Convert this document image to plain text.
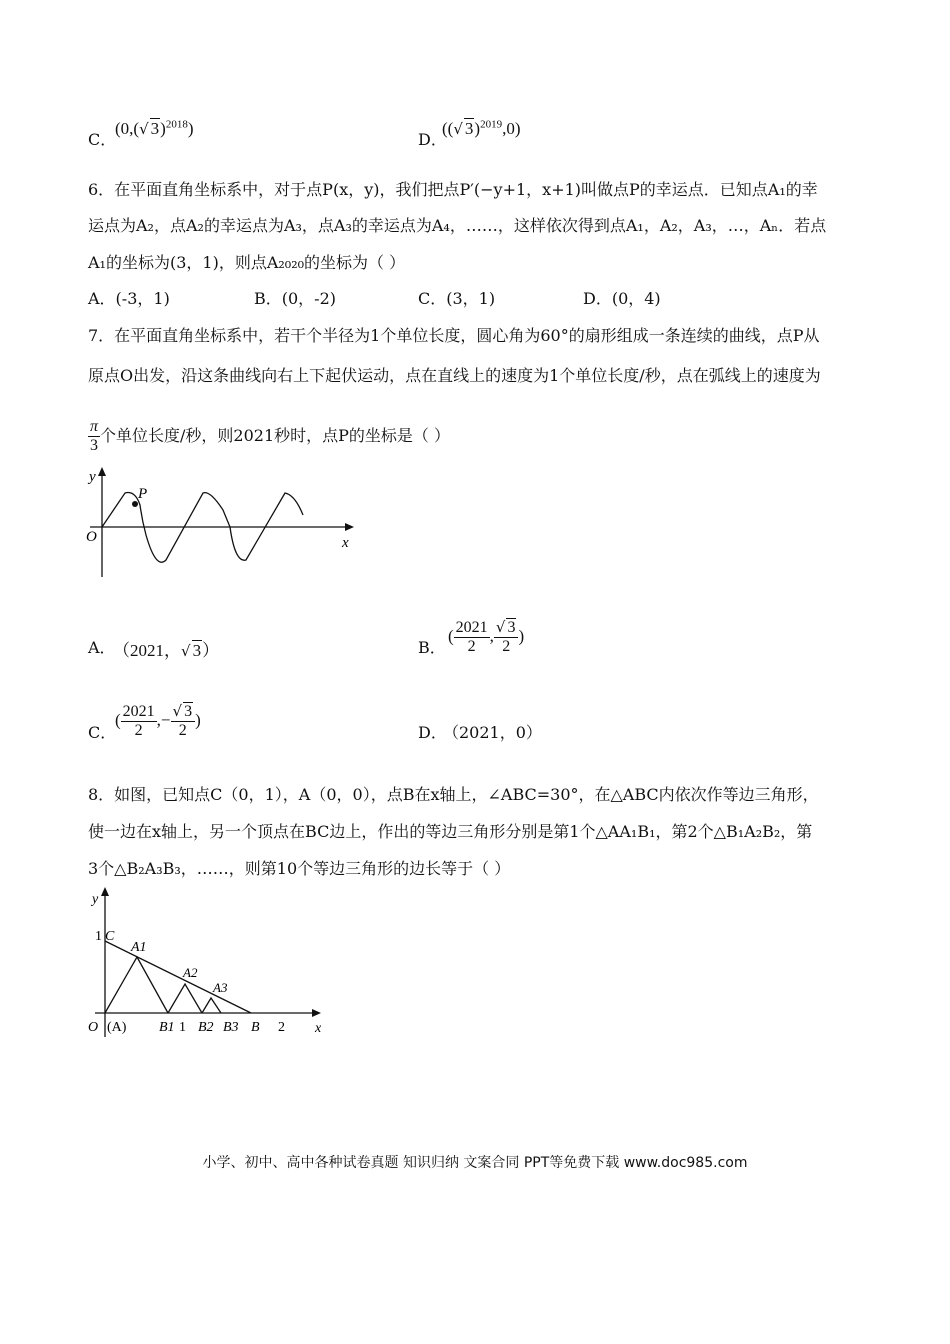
C．
(0,(√ 3)$^{2018}$)
D．
((√ 3)$^{2019}$,0)
6．在平面直角坐标系中，对于点P(x，y)，我们把点P′(−y+1，x+1)叫做点P的幸运点．已知点A₁的幸
运点为A₂，点A₂的幸运点为A₃，点A₃的幸运点为A₄，……，这样依次得到点A₁，A₂，A₃，…，Aₙ．若点
A₁的坐标为(3，1)，则点A₂₀₂₀的坐标为（ ）
A．(-3，1)	B．(0，-2)	C．(3，1)	D．(0，4)
7．在平面直角坐标系中，若干个半径为1个单位长度，圆心角为60°的扇形组成一条连续的曲线，点P从
原点O出发，沿这条曲线向右上下起伏运动，点在直线上的速度为1个单位长度/秒，点在弧线上的速度为
$\frac{\pi}{3}$ 个单位长度/秒，则2021秒时，点P的坐标是（ ）
y
x
O
P
A．
（2021，√ 3）	B．
( $\frac{2021}{2}$ , $\frac{√ 3}{2}$ )
C．
( $\frac{2021}{2}$ ,− $\frac{√ 3}{2}$ )
D．
（2021，0）
8．如图，已知点C（0，1），A（0，0），点B在x轴上，∠ABC=30°，在△ABC内依次作等边三角形，
使一边在x轴上，另一个顶点在BC边上，作出的等边三角形分别是第1个△AA₁B₁，第2个△B₁A₂B₂，第
3个△B₂A₃B₃，……，则第10个等边三角形的边长等于（ ）
y
x
1 C
A1
A2
A3
O (A) B1 1 B2 B3 B 2
小学、初中、高中各种试卷真题 知识归纳 文案合同 PPT等免费下载 www.doc985.com
